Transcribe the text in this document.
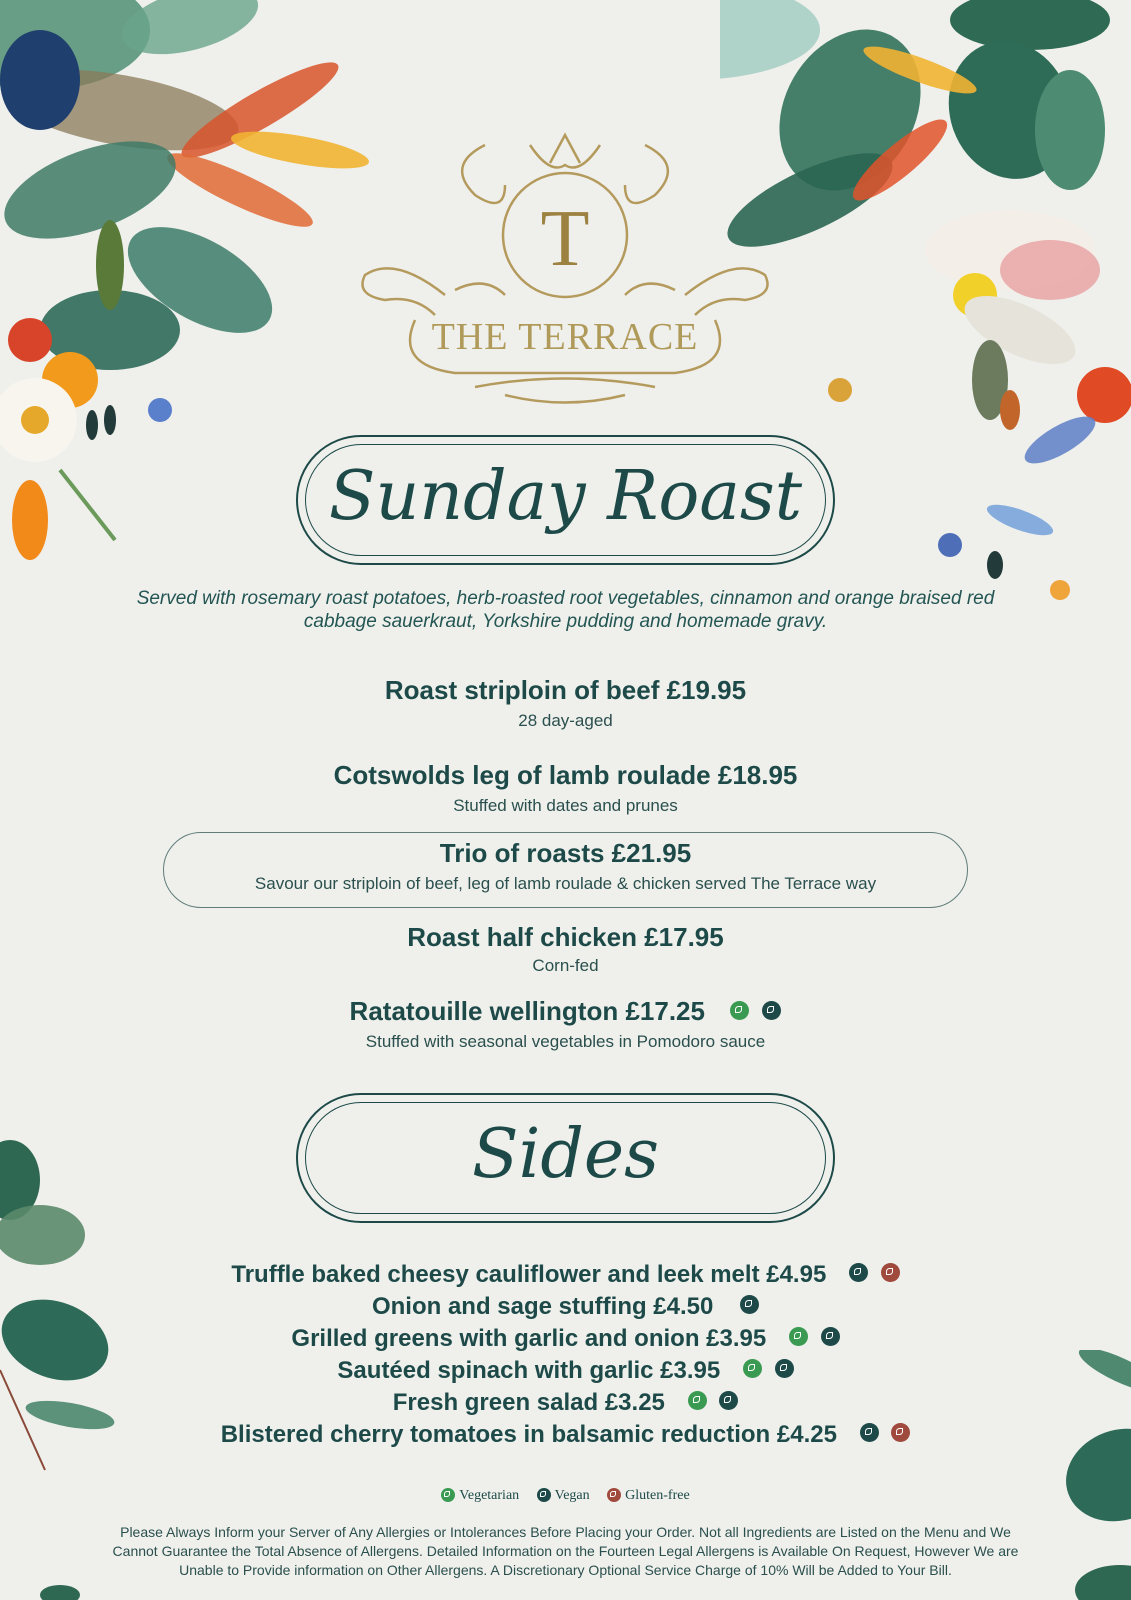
T
THE TERRACE
Sunday Roast
Served with rosemary roast potatoes, herb-roasted root vegetables, cinnamon and orange braised red
cabbage sauerkraut, Yorkshire pudding and homemade gravy.
Roast striploin of beef £19.95
28 day-aged
Cotswolds leg of lamb roulade £18.95
Stuffed with dates and prunes
Trio of roasts £21.95
Savour our striploin of beef, leg of lamb roulade & chicken served The Terrace way
Roast half chicken £17.95
Corn-fed
Ratatouille wellington £17.25
Stuffed with seasonal vegetables in Pomodoro sauce
Sides
Truffle baked cheesy cauliflower and leek melt £4.95
Onion and sage stuffing £4.50
Grilled greens with garlic and onion £3.95
Sautéed spinach with garlic £3.95
Fresh green salad £3.25
Blistered cherry tomatoes in balsamic reduction £4.25
Vegetarian	Vegan	Gluten-free
Please Always Inform your Server of Any Allergies or Intolerances Before Placing your Order. Not all Ingredients are Listed on the Menu and We
Cannot Guarantee the Total Absence of Allergens. Detailed Information on the Fourteen Legal Allergens is Available On Request, However We are
Unable to Provide information on Other Allergens. A Discretionary Optional Service Charge of 10% Will be Added to Your Bill.
